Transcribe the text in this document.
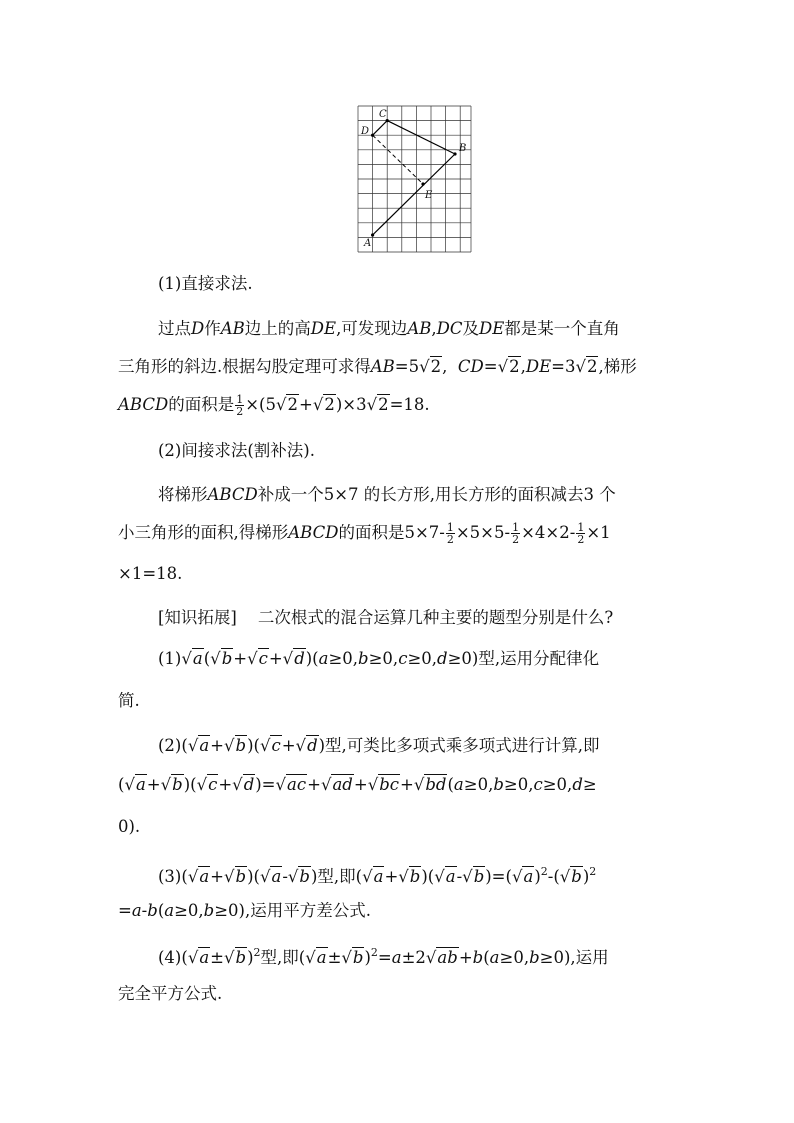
C
D
B
E
A
(1)直接求法.
过点D作AB边上的高DE,可发现边AB,DC及DE都是某一个直角
三角形的斜边.根据勾股定理可求得AB=5√2, CD=√2,DE=3√2,梯形
ABCD的面积是 $\frac{1}{2} \times(5√2+√2)\times 3√2=18$.
(2)间接求法(割补法).
将梯形ABCD补成一个5×7 的长方形,用长方形的面积减去3 个
小三角形的面积,得梯形ABCD的面积是$5\times 7- \frac{1}{2} \times 5\times 5- \frac{1}{2} \times 4\times 2- \frac{1}{2} \times 1$
×1=18.
[知识拓展] 二次根式的混合运算几种主要的题型分别是什么?
(1)√a(√b+√c+√d)(a≥0,b≥0,c≥0,d≥0)型,运用分配律化
简.
(2)(√a+√b)(√c+√d)型,可类比多项式乘多项式进行计算,即
(√a+√b)(√c+√d)=√ac+√ad+√bc+√bd(a≥0,b≥0,c≥0,d≥
0).
(3)(√a+√b)(√a-√b)型,即$(√a+√b)(√a-√b)=(√a)^2-(√b)^2$
=a-b(a≥0,b≥0),运用平方差公式.
$(4)(√a\pm√b)^2$型,即$(√a\pm√b)^2=a\pm 2√ab+b(a\ge 0,b\ge 0)$,运用
完全平方公式.
